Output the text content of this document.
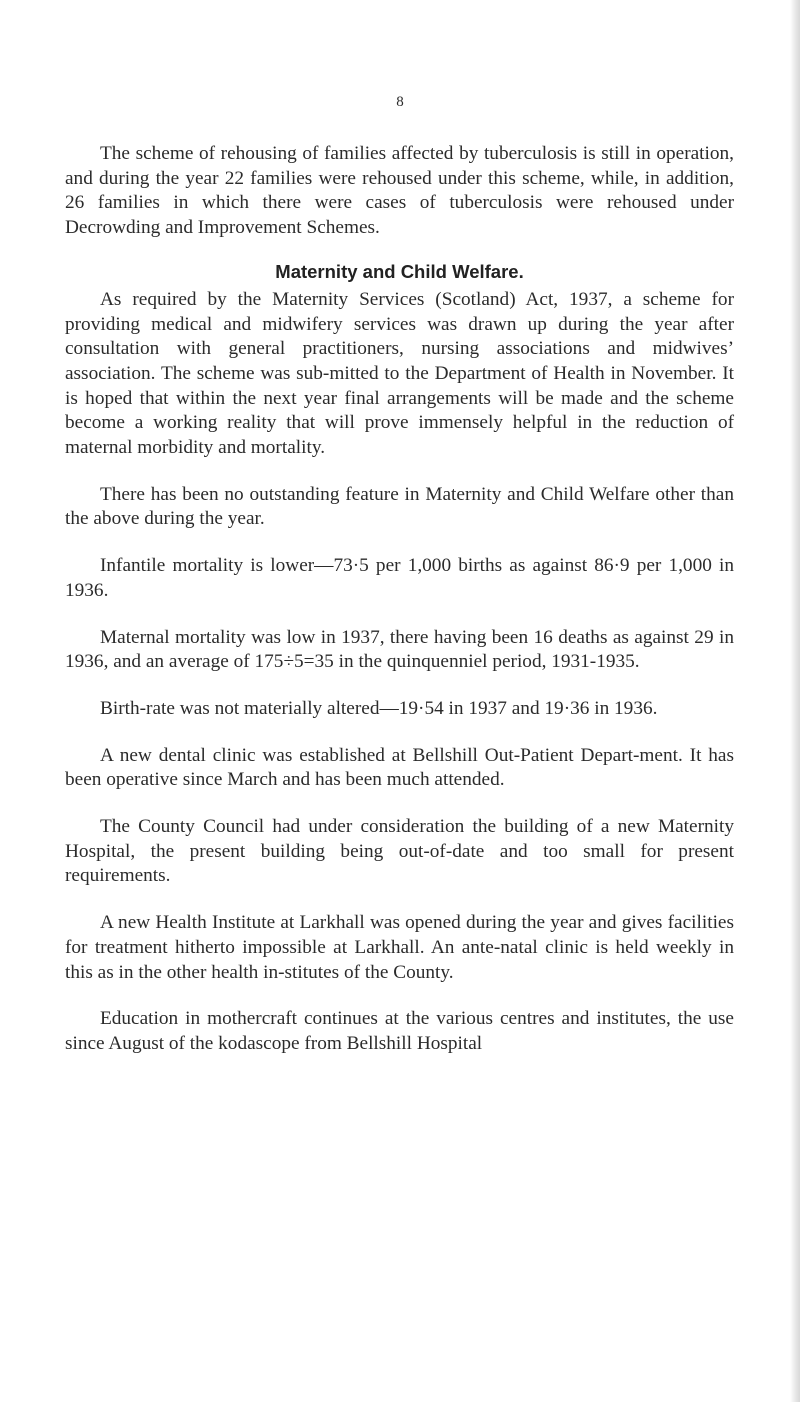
8

The scheme of rehousing of families affected by tuberculosis is still in operation, and during the year 22 families were rehoused under this scheme, while, in addition, 26 families in which there were cases of tuberculosis were rehoused under Decrowding and Improvement Schemes.

Maternity and Child Welfare.

As required by the Maternity Services (Scotland) Act, 1937, a scheme for providing medical and midwifery services was drawn up during the year after consultation with general practitioners, nursing associations and midwives’ association. The scheme was sub-mitted to the Department of Health in November. It is hoped that within the next year final arrangements will be made and the scheme become a working reality that will prove immensely helpful in the reduction of maternal morbidity and mortality.

There has been no outstanding feature in Maternity and Child Welfare other than the above during the year.

Infantile mortality is lower—73·5 per 1,000 births as against 86·9 per 1,000 in 1936.

Maternal mortality was low in 1937, there having been 16 deaths as against 29 in 1936, and an average of 175÷5=35 in the quinquenniel period, 1931-1935.

Birth-rate was not materially altered—19·54 in 1937 and 19·36 in 1936.

A new dental clinic was established at Bellshill Out-Patient Depart-ment. It has been operative since March and has been much attended.

The County Council had under consideration the building of a new Maternity Hospital, the present building being out-of-date and too small for present requirements.

A new Health Institute at Larkhall was opened during the year and gives facilities for treatment hitherto impossible at Larkhall. An ante-natal clinic is held weekly in this as in the other health in-stitutes of the County.

Education in mothercraft continues at the various centres and institutes, the use since August of the kodascope from Bellshill Hospital
